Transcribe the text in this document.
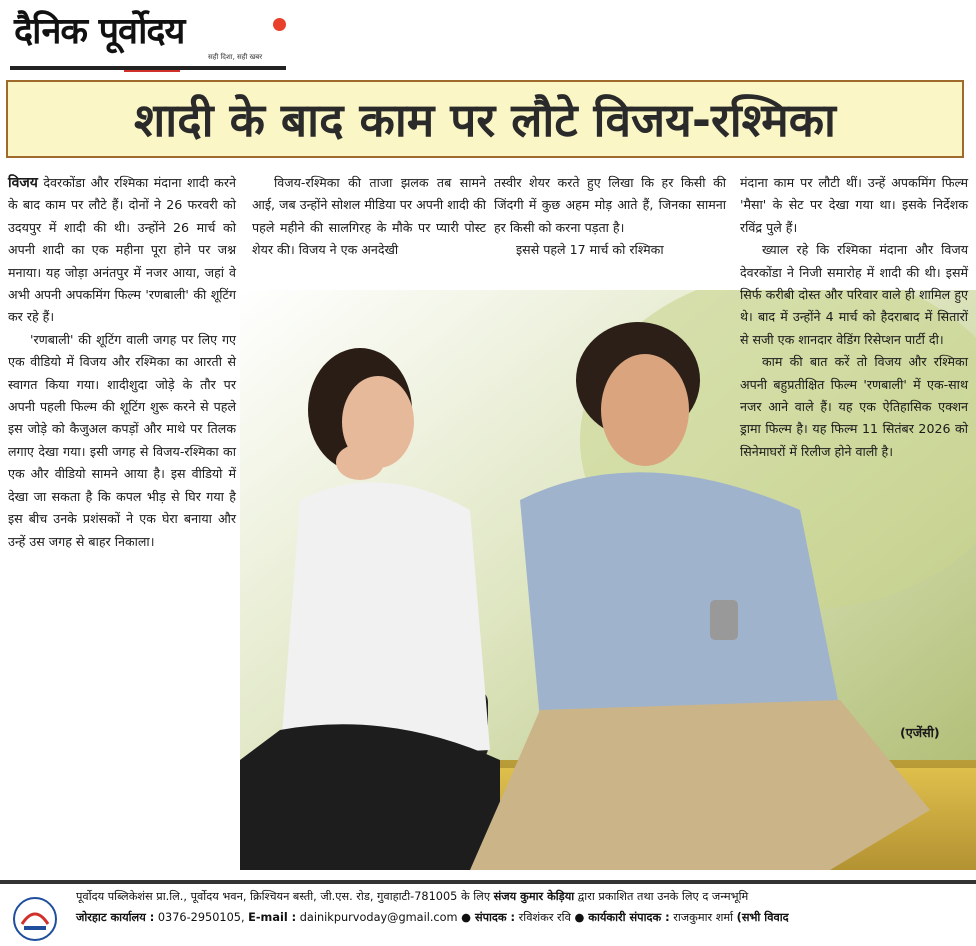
दैनिक पूर्वोदय
सही दिशा, सही खबर
शादी के बाद काम पर लौटे विजय-रश्मिका

विजय देवरकोंडा और रश्मिका मंदाना शादी करने के बाद काम पर लौटे हैं। दोनों ने 26 फरवरी को उदयपुर में शादी की थी। उन्होंने 26 मार्च को अपनी शादी का एक महीना पूरा होने पर जश्न मनाया। यह जोड़ा अनंतपुर में नजर आया, जहां वे अभी अपनी अपकमिंग फिल्म 'रणबाली' की शूटिंग कर रहे हैं।

'रणबाली' की शूटिंग वाली जगह पर लिए गए एक वीडियो में विजय और रश्मिका का आरती से स्वागत किया गया। शादीशुदा जोड़े के तौर पर अपनी पहली फिल्म की शूटिंग शुरू करने से पहले इस जोड़े को कैजुअल कपड़ों और माथे पर तिलक लगाए देखा गया। इसी जगह से विजय-रश्मिका का एक और वीडियो सामने आया है। इस वीडियो में देखा जा सकता है कि कपल भीड़ से घिर गया है इस बीच उनके प्रशंसकों ने एक घेरा बनाया और उन्हें उस जगह से बाहर निकाला।

विजय-रश्मिका की ताजा झलक तब सामने आई, जब उन्होंने सोशल मीडिया पर अपनी शादी की पहले महीने की सालगिरह के मौके पर प्यारी पोस्ट शेयर की। विजय ने एक अनदेखी

तस्वीर शेयर करते हुए लिखा कि हर किसी की जिंदगी में कुछ अहम मोड़ आते हैं, जिनका सामना हर किसी को करना पड़ता है।

इससे पहले 17 मार्च को रश्मिका

मंदाना काम पर लौटी थीं। उन्हें अपकमिंग फिल्म 'मैसा' के सेट पर देखा गया था। इसके निर्देशक रविंद्र पुले हैं।

ख्याल रहे कि रश्मिका मंदाना और विजय देवरकोंडा ने निजी समारोह में शादी की थी। इसमें सिर्फ करीबी दोस्त और परिवार वाले ही शामिल हुए थे। बाद में उन्होंने 4 मार्च को हैदराबाद में सितारों से सजी एक शानदार वेडिंग रिसेप्शन पार्टी दी।

काम की बात करें तो विजय और रश्मिका अपनी बहुप्रतीक्षित फिल्म 'रणबाली' में एक-साथ नजर आने वाले हैं। यह एक ऐतिहासिक एक्शन ड्रामा फिल्म है। यह फिल्म 11 सितंबर 2026 को सिनेमाघरों में रिलीज होने वाली है।

(एजेंसी)
पूर्वोदय पब्लिकेशंस प्रा.लि., पूर्वोदय भवन, क्रिश्चियन बस्ती, जी.एस. रोड, गुवाहाटी-781005 के लिए संजय कुमार केड़िया द्वारा प्रकाशित तथा उनके लिए द जन्मभूमि
जोरहाट कार्यालय : 0376-2950105, E-mail : dainikpurvoday@gmail.com ● संपादक : रविशंकर रवि ● कार्यकारी संपादक : राजकुमार शर्मा (सभी विवाद
